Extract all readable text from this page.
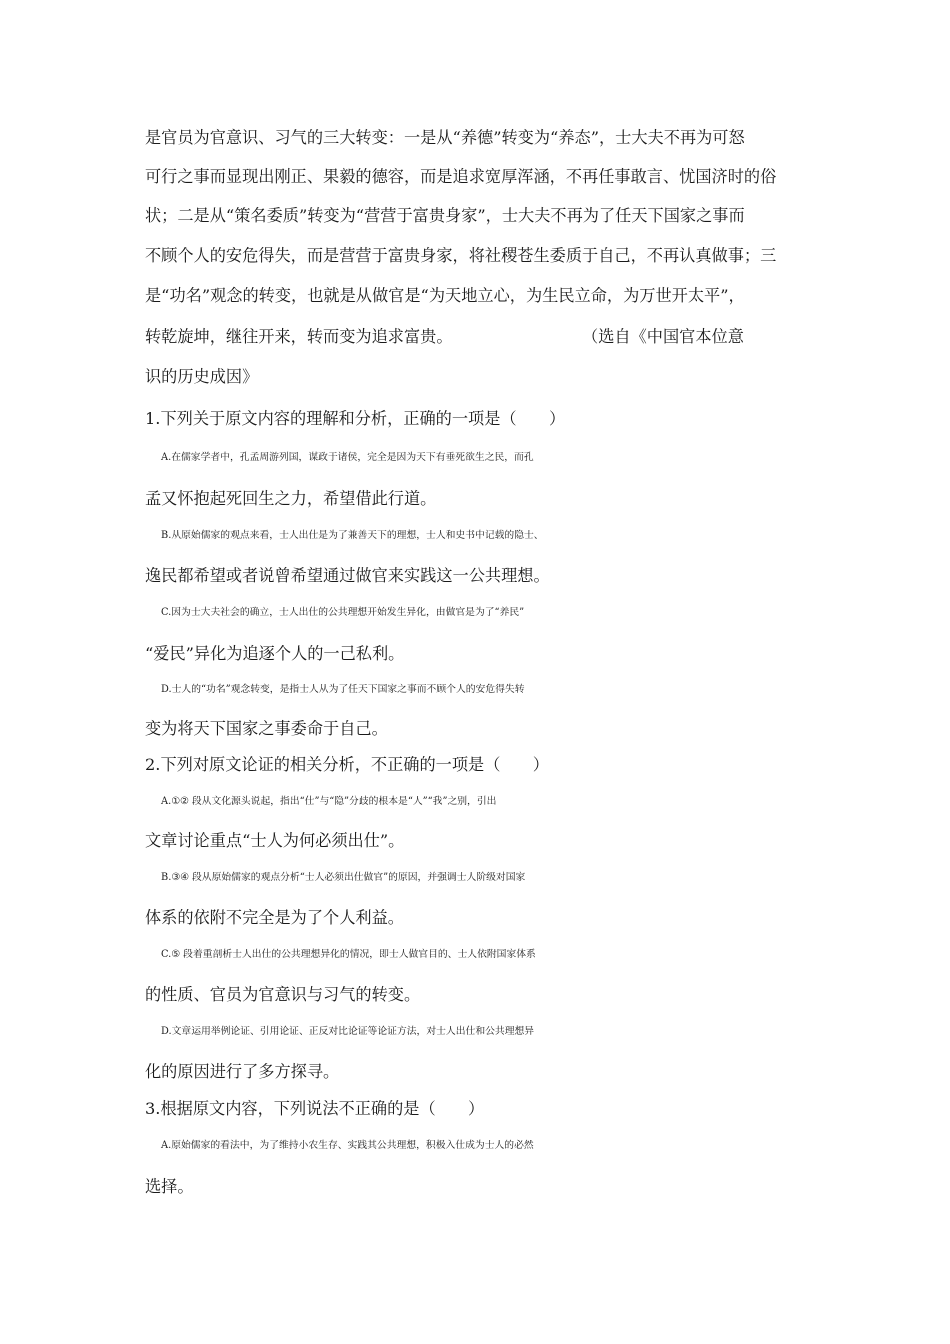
是官员为官意识、习气的三大转变：一是从“养德”转变为“养态”，士大夫不再为可怒
可行之事而显现出刚正、果毅的德容，而是追求宽厚浑涵，不再任事敢言、忧国济时的俗
状；二是从“策名委质”转变为“营营于富贵身家”，士大夫不再为了任天下国家之事而
不顾个人的安危得失，而是营营于富贵身家，将社稷苍生委质于自己，不再认真做事；三
是“功名”观念的转变，也就是从做官是“为天地立心，为生民立命，为万世开太平”，
转乾旋坤，继往开来，转而变为追求富贵。　　　　　　　　　（选自《中国官本位意
识的历史成因》
1.下列关于原文内容的理解和分析，正确的一项是（　　）
A.在儒家学者中，孔孟周游列国，谋政于诸侯，完全是因为天下有垂死欲生之民，而孔
孟又怀抱起死回生之力，希望借此行道。
B.从原始儒家的观点来看，士人出仕是为了兼善天下的理想，士人和史书中记载的隐士、
逸民都希望或者说曾希望通过做官来实践这一公共理想。
C.因为士大夫社会的确立，士人出仕的公共理想开始发生异化，由做官是为了“养民”
“爱民”异化为追逐个人的一己私利。
D.士人的“功名”观念转变，是指士人从为了任天下国家之事而不顾个人的安危得失转
变为将天下国家之事委命于自己。
2.下列对原文论证的相关分析，不正确的一项是（　　）
A.①② 段从文化源头说起，指出“仕”与“隐”分歧的根本是“人”“我”之别，引出
文章讨论重点“士人为何必须出仕”。
B.③④ 段从原始儒家的观点分析“士人必须出仕做官”的原因，并强调士人阶级对国家
体系的依附不完全是为了个人利益。
C.⑤ 段着重剖析士人出仕的公共理想异化的情况，即士人做官目的、士人依附国家体系
的性质、官员为官意识与习气的转变。
D.文章运用举例论证、引用论证、正反对比论证等论证方法，对士人出仕和公共理想异
化的原因进行了多方探寻。
3.根据原文内容，下列说法不正确的是（　　）
A.原始儒家的看法中，为了维持小农生存、实践其公共理想，积极入仕成为士人的必然
选择。
